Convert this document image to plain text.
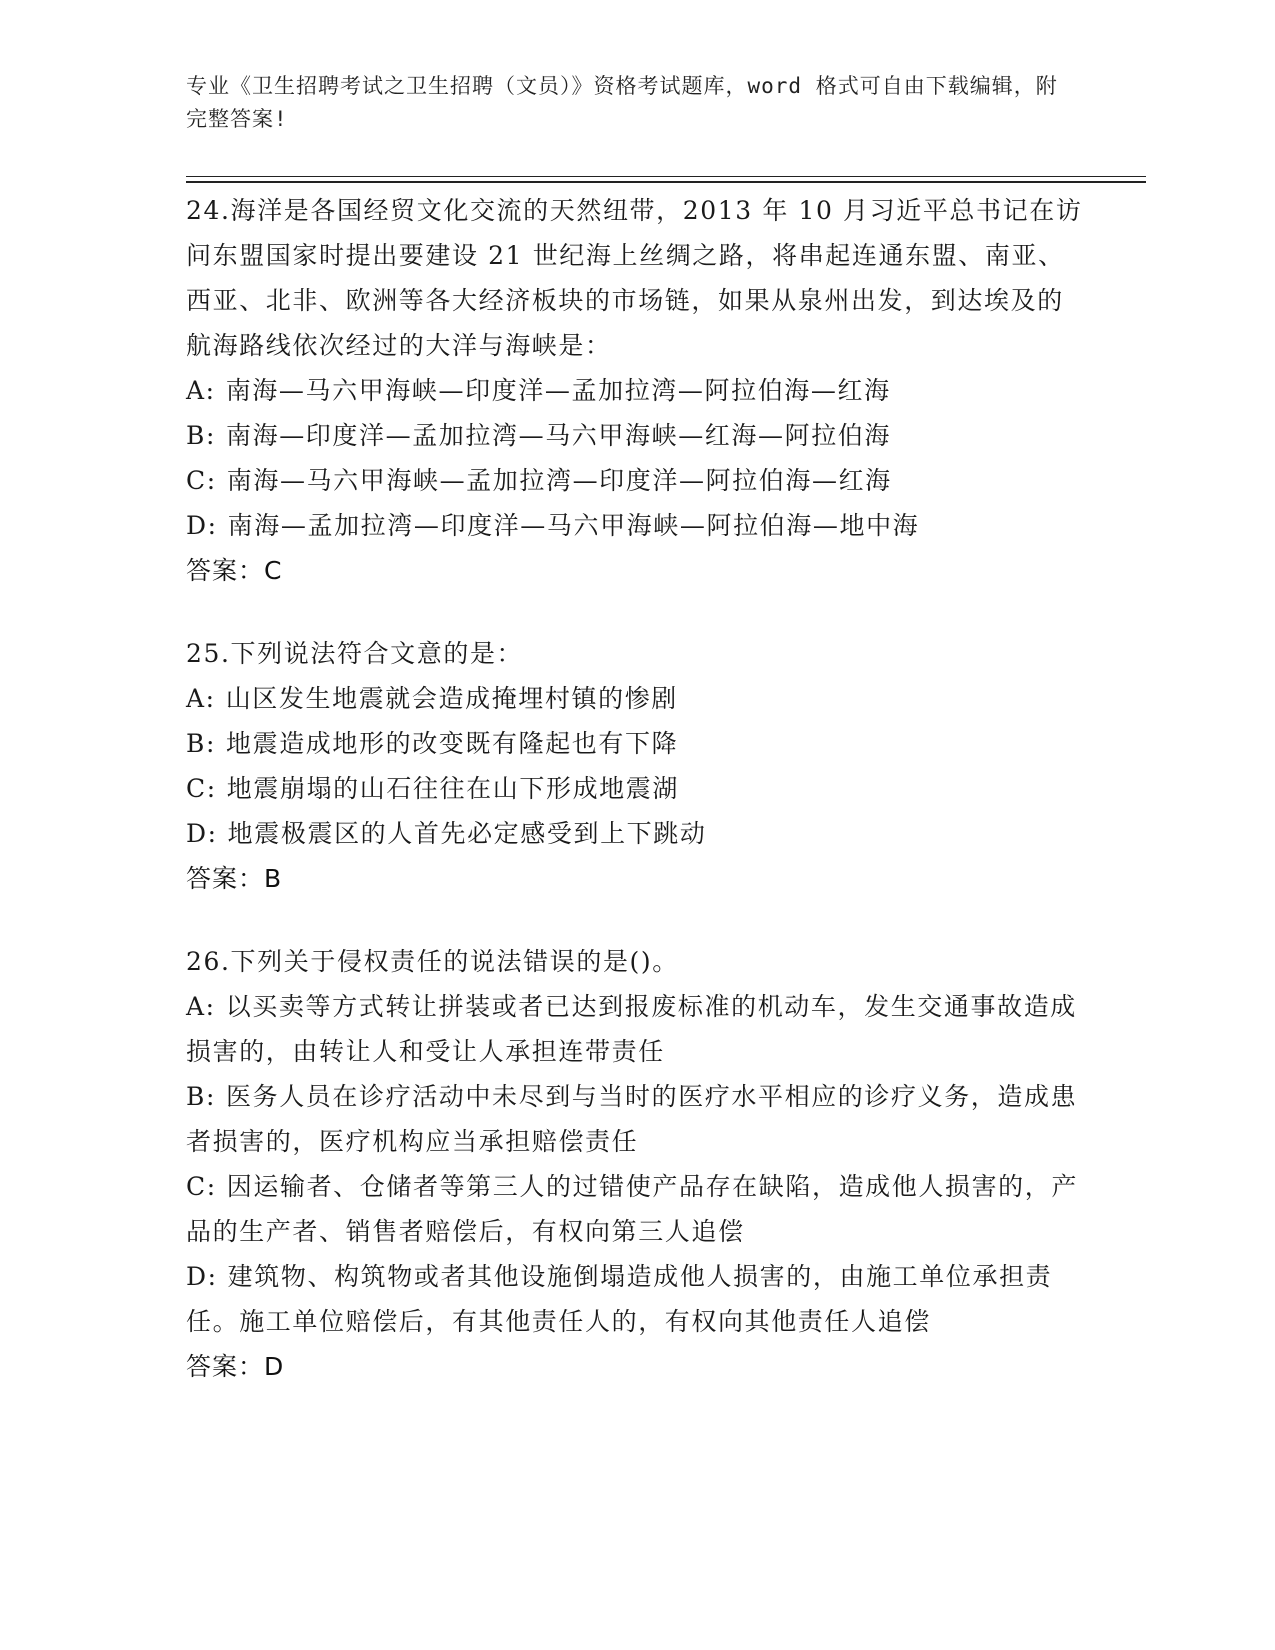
专业《卫生招聘考试之卫生招聘（文员）》资格考试题库，word 格式可自由下载编辑，附完整答案!
24.海洋是各国经贸文化交流的天然纽带，2013 年 10 月习近平总书记在访问东盟国家时提出要建设 21 世纪海上丝绸之路，将串起连通东盟、南亚、西亚、北非、欧洲等各大经济板块的市场链，如果从泉州出发，到达埃及的航海路线依次经过的大洋与海峡是：
A: 南海—马六甲海峡—印度洋—孟加拉湾—阿拉伯海—红海
B: 南海—印度洋—孟加拉湾—马六甲海峡—红海—阿拉伯海
C: 南海—马六甲海峡—孟加拉湾—印度洋—阿拉伯海—红海
D: 南海—孟加拉湾—印度洋—马六甲海峡—阿拉伯海—地中海
答案：C
25.下列说法符合文意的是：
A: 山区发生地震就会造成掩埋村镇的惨剧
B: 地震造成地形的改变既有隆起也有下降
C: 地震崩塌的山石往往在山下形成地震湖
D: 地震极震区的人首先必定感受到上下跳动
答案：B
26.下列关于侵权责任的说法错误的是()。
A: 以买卖等方式转让拼装或者已达到报废标准的机动车，发生交通事故造成损害的，由转让人和受让人承担连带责任
B: 医务人员在诊疗活动中未尽到与当时的医疗水平相应的诊疗义务，造成患者损害的，医疗机构应当承担赔偿责任
C: 因运输者、仓储者等第三人的过错使产品存在缺陷，造成他人损害的，产品的生产者、销售者赔偿后，有权向第三人追偿
D: 建筑物、构筑物或者其他设施倒塌造成他人损害的，由施工单位承担责任。施工单位赔偿后，有其他责任人的，有权向其他责任人追偿
答案：D
